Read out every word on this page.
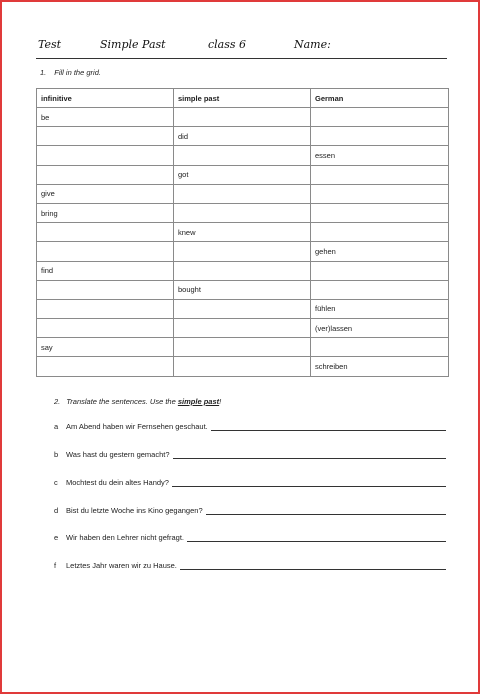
Test	Simple Past	class 6	Name:
1. Fill in the grid.
infinitive	simple past	German
be		
	did	
		essen
	got	
give		
bring		
	knew	
		gehen
find		
	bought	
		fühlen
		(ver)lassen
say		
		schreiben
2. Translate the sentences. Use the simple past!
a	Am Abend haben wir Fernsehen geschaut.
b	Was hast du gestern gemacht?
c	Mochtest du dein altes Handy?
d	Bist du letzte Woche ins Kino gegangen?
e	Wir haben den Lehrer nicht gefragt.
f	Letztes Jahr waren wir zu Hause.
